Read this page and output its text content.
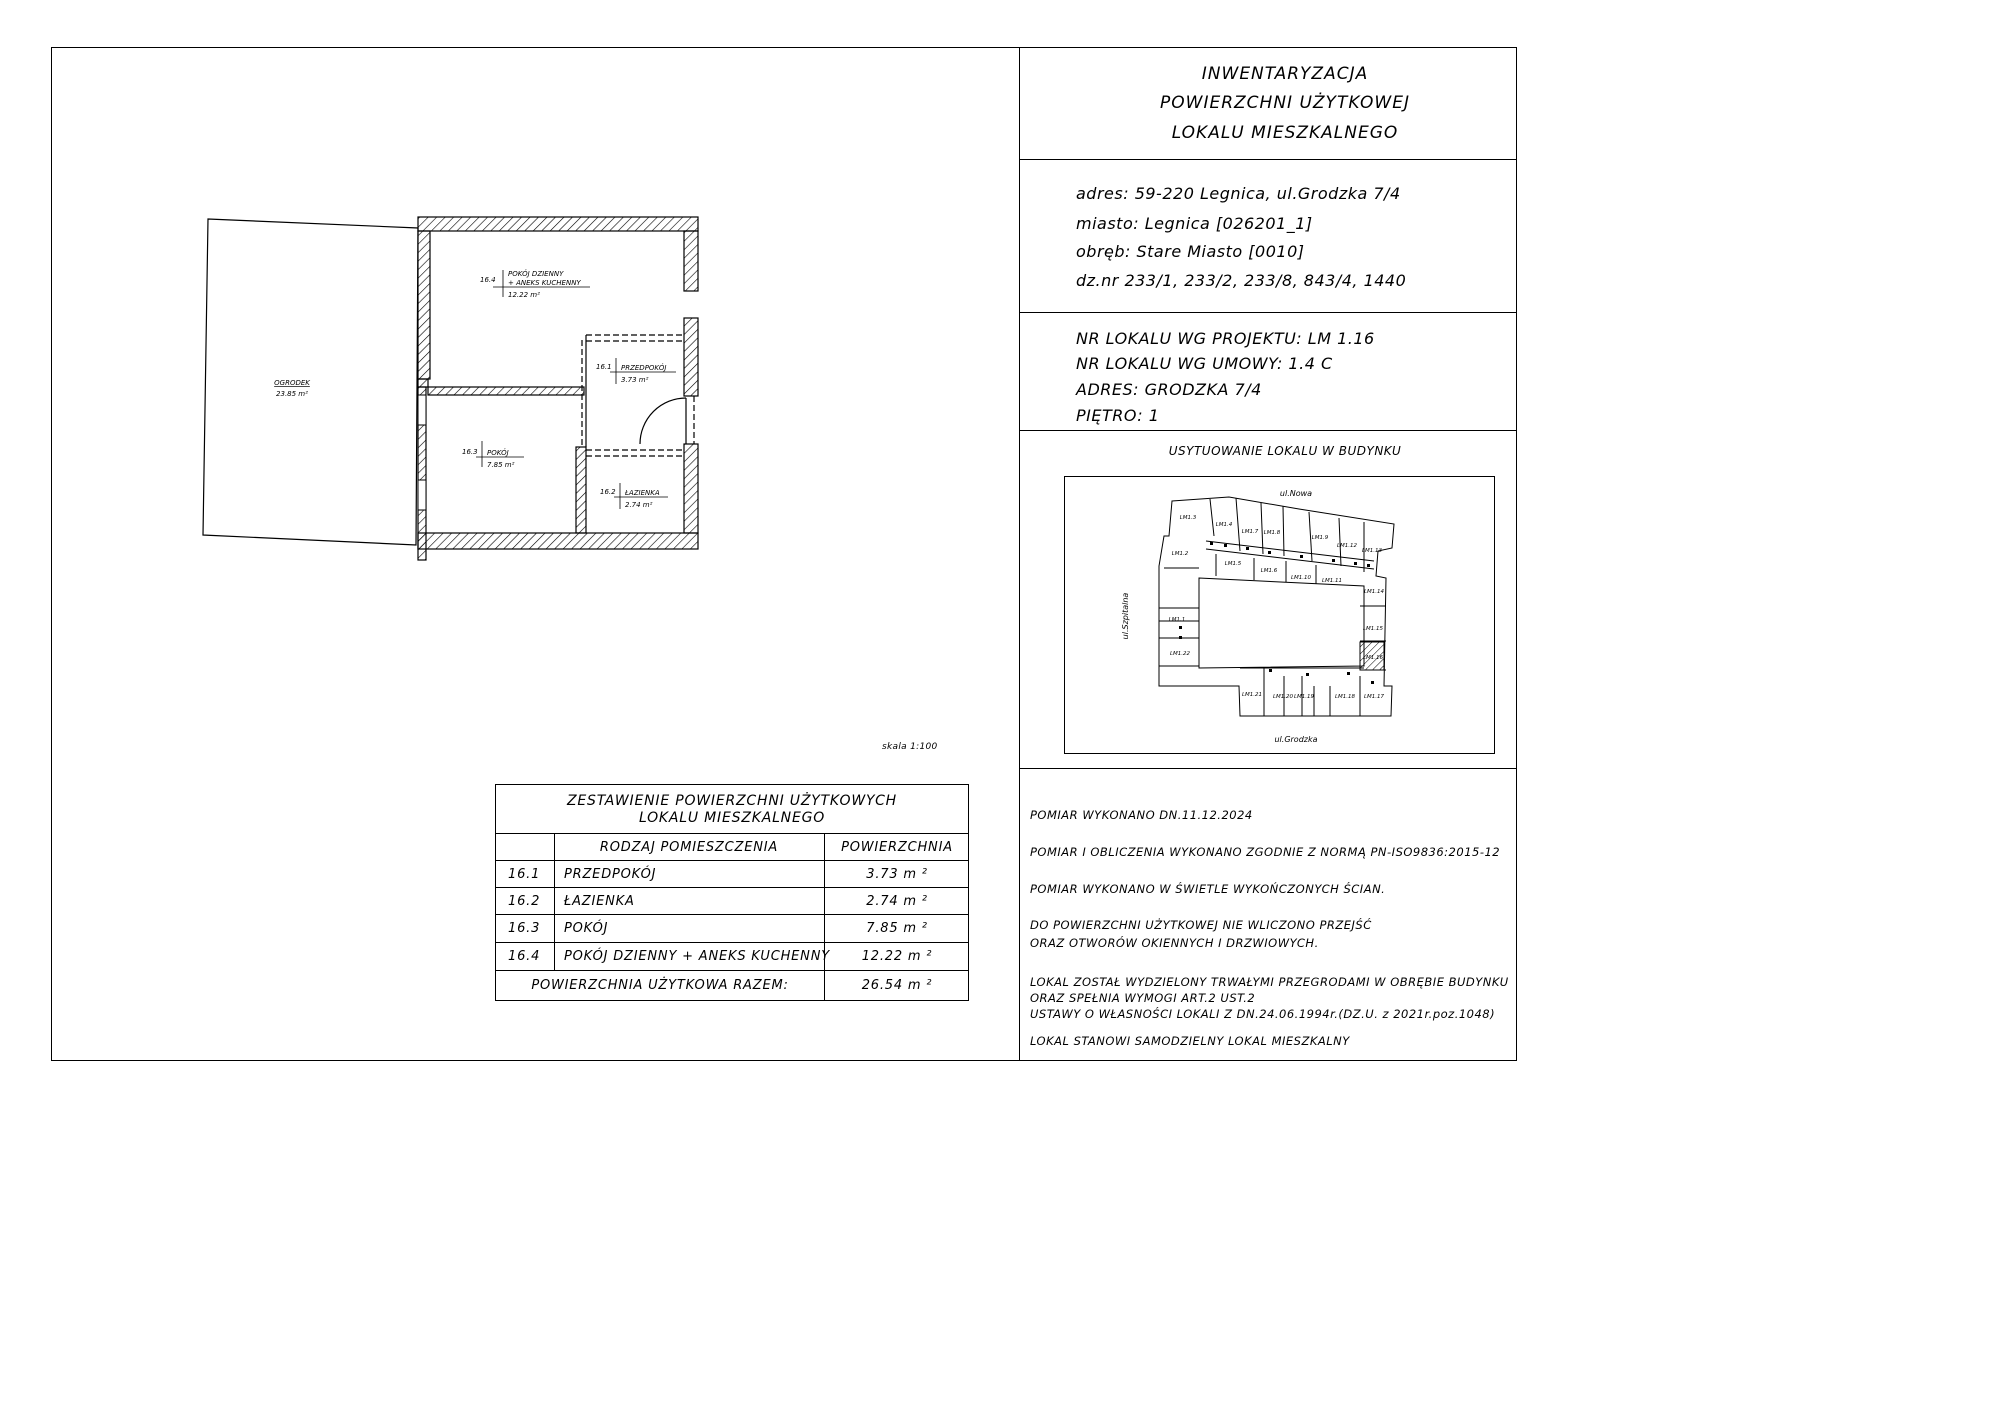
INWENTARYZACJA
POWIERZCHNI UŻYTKOWEJ
LOKALU MIESZKALNEGO
adres: 59-220 Legnica, ul.Grodzka 7/4
miasto: Legnica [026201_1]
obręb: Stare Miasto [0010]
dz.nr 233/1, 233/2, 233/8, 843/4, 1440
NR LOKALU WG PROJEKTU: LM 1.16
NR LOKALU WG UMOWY: 1.4 C
ADRES: GRODZKA 7/4
PIĘTRO: 1
USYTUOWANIE LOKALU W BUDYNKU
ul.Nowa
ul.Grodzka
ul.Szpitalna
LM1.3
LM1.4
LM1.7 LM1.8
LM1.9
LM1.12
LM1.13
LM1.2
LM1.5
LM1.6
LM1.10 LM1.11
LM1.14
LM1.1
LM1.15
LM1.16
LM1.22
LM1.21 LM1.20 LM1.19	LM1.18 LM1.17
POMIAR WYKONANO DN.11.12.2024
POMIAR I OBLICZENIA WYKONANO ZGODNIE Z NORMĄ PN-ISO9836:2015-12
POMIAR WYKONANO W ŚWIETLE WYKOŃCZONYCH ŚCIAN.
DO POWIERZCHNI UŻYTKOWEJ NIE WLICZONO PRZEJŚĆ
ORAZ OTWORÓW OKIENNYCH I DRZWIOWYCH.
LOKAL ZOSTAŁ WYDZIELONY TRWAŁYMI PRZEGRODAMI W OBRĘBIE BUDYNKU
ORAZ SPEŁNIA WYMOGI ART.2 UST.2
USTAWY O WŁASNOŚCI LOKALI Z DN.24.06.1994r.(DZ.U. z 2021r.poz.1048)
LOKAL STANOWI SAMODZIELNY LOKAL MIESZKALNY
OGRODEK
23.85 m²
16.4
POKÓJ DZIENNY
+ ANEKS KUCHENNY
12.22 m²
16.1 PRZEDPOKÓJ
3.73 m²
16.3 POKÓJ
7.85 m²
16.2 ŁAZIENKA
2.74 m²
skala 1:100
ZESTAWIENIE POWIERZCHNI UŻYTKOWYCH
LOKALU MIESZKALNEGO
RODZAJ POMIESZCZENIA	POWIERZCHNIA
16.1 PRZEDPOKÓJ	3.73 m ²
16.2 ŁAZIENKA	2.74 m ²
16.3 POKÓJ	7.85 m ²
16.4 POKÓJ DZIENNY + ANEKS KUCHENNY	12.22 m ²
POWIERZCHNIA UŻYTKOWA RAZEM:	26.54 m ²
